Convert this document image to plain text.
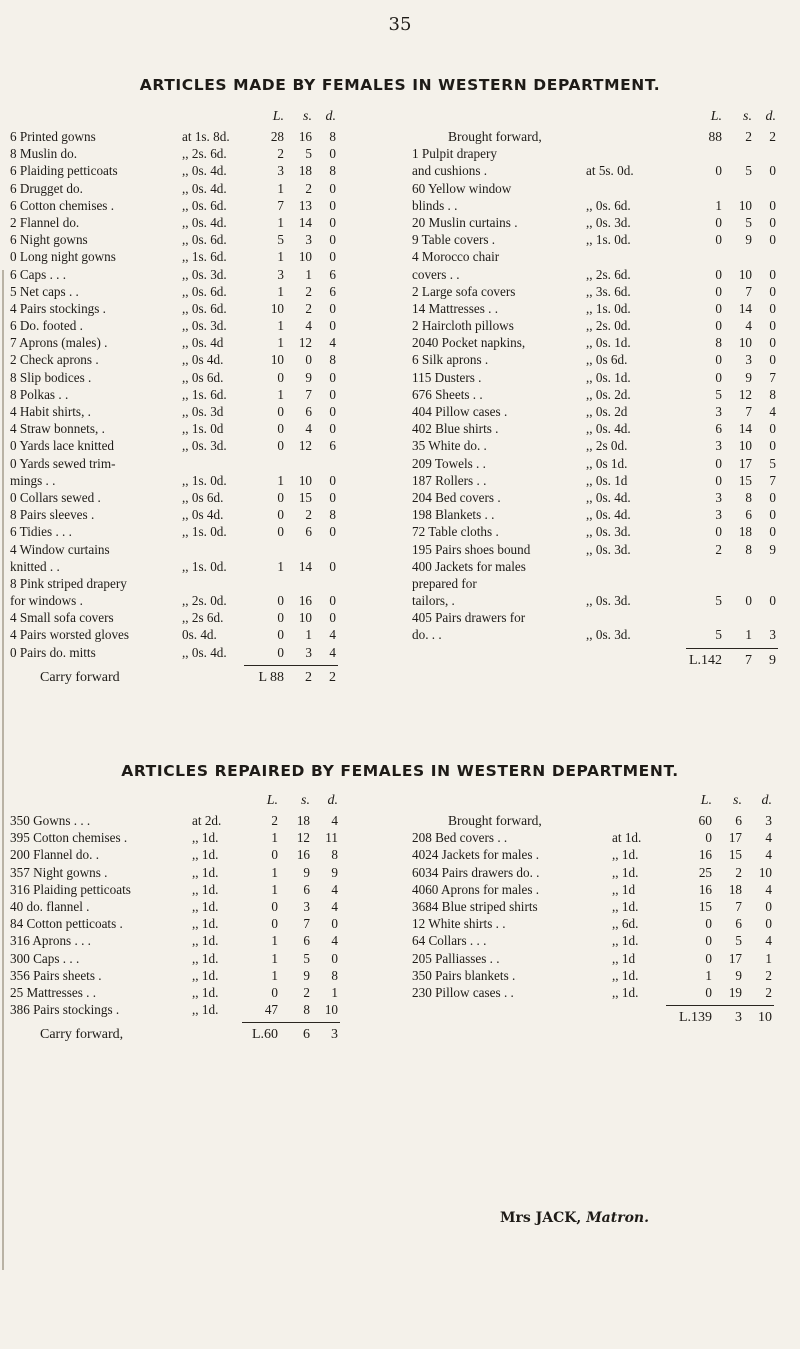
35
ARTICLES MADE BY FEMALES IN WESTERN DEPARTMENT.
L.	s. d.
6 Printed gowns	at 1s. 8d.	28	16	8
8 Muslin do.	,, 2s. 6d.	2	5	0
6 Plaiding petticoats	,, 0s. 4d.	3	18	8
6 Drugget do.	,, 0s. 4d.	1	2	0
6 Cotton chemises .	,, 0s. 6d.	7	13	0
2 Flannel do.	,, 0s. 4d.	1	14	0
6 Night gowns	,, 0s. 6d.	5	3	0
0 Long night gowns	,, 1s. 6d.	1	10	0
6 Caps . . .	,, 0s. 3d.	3	1	6
5 Net caps . .	,, 0s. 6d.	1	2	6
4 Pairs stockings .	,, 0s. 6d.	10	2	0
6 Do. footed .	,, 0s. 3d.	1	4	0
7 Aprons (males) .	,, 0s. 4d	1	12	4
2 Check aprons .	,, 0s 4d.	10	0	8
8 Slip bodices .	,, 0s 6d.	0	9	0
8 Polkas . .	,, 1s. 6d.	1	7	0
4 Habit shirts, .	,, 0s. 3d	0	6	0
4 Straw bonnets, .	,, 1s. 0d	0	4	0
0 Yards lace knitted	,, 0s. 3d.	0	12	6
0 Yards sewed trim-
mings . .	,, 1s. 0d.	1	10	0
0 Collars sewed .	,, 0s 6d.	0	15	0
8 Pairs sleeves .	,, 0s 4d.	0	2	8
6 Tidies . . .	,, 1s. 0d.	0	6	0
4 Window curtains
knitted . .	,, 1s. 0d.	1	14	0
8 Pink striped drapery
for windows .	,, 2s. 0d.	0	16	0
4 Small sofa covers	,, 2s 6d.	0	10	0
4 Pairs worsted gloves	0s. 4d.	0	1	4
0 Pairs do. mitts	,, 0s. 4d.	0	3	4
Carry forward	L 88	2	2
L.	s. d.
Brought forward,	88	2	2
1 Pulpit drapery
and cushions .	at 5s. 0d.	0	5	0
60 Yellow window
blinds . .	,, 0s. 6d.	1	10	0
20 Muslin curtains .	,, 0s. 3d.	0	5	0
9 Table covers .	,, 1s. 0d.	0	9	0
4 Morocco chair
covers . .	,, 2s. 6d.	0	10	0
2 Large sofa covers	,, 3s. 6d.	0	7	0
14 Mattresses . .	,, 1s. 0d.	0	14	0
2 Haircloth pillows	,, 2s. 0d.	0	4	0
2040 Pocket napkins,	,, 0s. 1d.	8	10	0
6 Silk aprons .	,, 0s 6d.	0	3	0
115 Dusters .	,, 0s. 1d.	0	9	7
676 Sheets . .	,, 0s. 2d.	5	12	8
404 Pillow cases .	,, 0s. 2d	3	7	4
402 Blue shirts .	,, 0s. 4d.	6	14	0
35 White do. .	,, 2s 0d.	3	10	0
209 Towels . .	,, 0s 1d.	0	17	5
187 Rollers . .	,, 0s. 1d	0	15	7
204 Bed covers .	,, 0s. 4d.	3	8	0
198 Blankets . .	,, 0s. 4d.	3	6	0
72 Table cloths .	,, 0s. 3d.	0	18	0
195 Pairs shoes bound	,, 0s. 3d.	2	8	9
400 Jackets for males
prepared for
tailors, .	,, 0s. 3d.	5	0	0
405 Pairs drawers for
do. . .	,, 0s. 3d.	5	1	3
L.142	7	9
ARTICLES REPAIRED BY FEMALES IN WESTERN DEPARTMENT.
L.	s.	d.
350 Gowns . . .	at 2d.	2	18	4
395 Cotton chemises .	,, 1d.	1	12	11
200 Flannel do. .	,, 1d.	0	16	8
357 Night gowns .	,, 1d.	1	9	9
316 Plaiding petticoats	,, 1d.	1	6	4
40 do. flannel .	,, 1d.	0	3	4
84 Cotton petticoats .	,, 1d.	0	7	0
316 Aprons . . .	,, 1d.	1	6	4
300 Caps . . .	,, 1d.	1	5	0
356 Pairs sheets .	,, 1d.	1	9	8
25 Mattresses . .	,, 1d.	0	2	1
386 Pairs stockings .	,, 1d.	47	8	10
Carry forward,	L.60	6	3
L.	s.	d.
Brought forward,	60	6	3
208 Bed covers . .	at 1d.	0	17	4
4024 Jackets for males .	,, 1d.	16	15	4
6034 Pairs drawers do. .	,, 1d.	25	2	10
4060 Aprons for males .	,, 1d	16	18	4
3684 Blue striped shirts	,, 1d.	15	7	0
12 White shirts . .	,, 6d.	0	6	0
64 Collars . . .	,, 1d.	0	5	4
205 Palliasses . .	,, 1d	0	17	1
350 Pairs blankets .	,, 1d.	1	9	2
230 Pillow cases . .	,, 1d.	0	19	2
L.139	3	10
Mrs JACK, Matron.
